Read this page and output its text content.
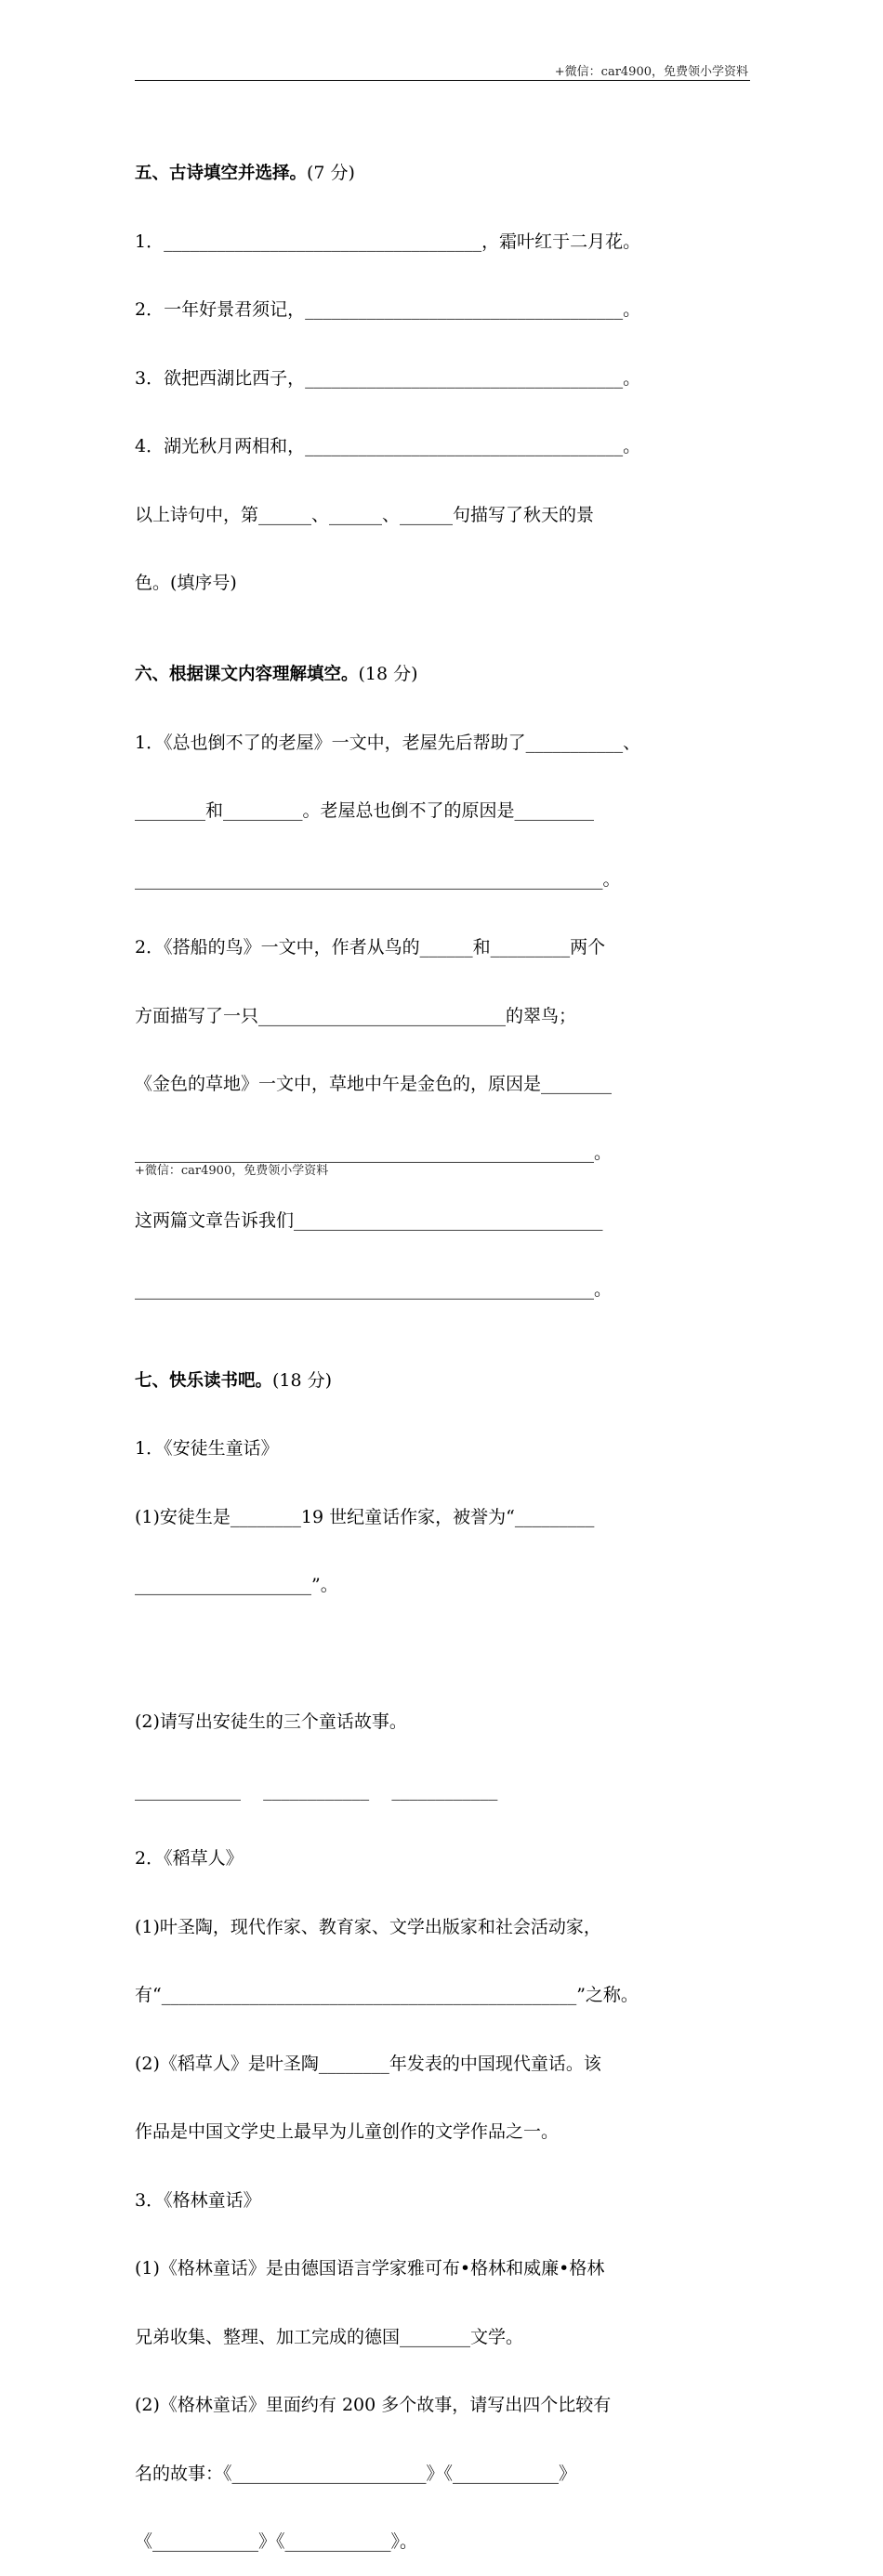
+微信：car4900，免费领小学资料

五、古诗填空并选择。(7 分)

1．____________________________________，霜叶红于二月花。

2．一年好景君须记，____________________________________。

3．欲把西湖比西子，____________________________________。

4．湖光秋月两相和，____________________________________。

以上诗句中，第______、______、______句描写了秋天的景

色。(填序号)

六、根据课文内容理解填空。(18 分)

1．《总也倒不了的老屋》一文中，老屋先后帮助了___________、

________和_________。老屋总也倒不了的原因是_________

_____________________________________________________。

2．《搭船的鸟》一文中，作者从鸟的______和_________两个

方面描写了一只____________________________的翠鸟；

《金色的草地》一文中，草地中午是金色的，原因是________

____________________________________________________。

这两篇文章告诉我们___________________________________

____________________________________________________。

七、快乐读书吧。(18 分)

1．《安徒生童话》

(1)安徒生是________19 世纪童话作家，被誉为“_________

____________________”。

(2)请写出安徒生的三个童话故事。

____________    ____________    ____________

2．《稻草人》

(1)叶圣陶，现代作家、教育家、文学出版家和社会活动家，

有“_______________________________________________”之称。

(2)《稻草人》是叶圣陶________年发表的中国现代童话。该

作品是中国文学史上最早为儿童创作的文学作品之一。

3．《格林童话》

(1)《格林童话》是由德国语言学家雅可布•格林和威廉•格林

兄弟收集、整理、加工完成的德国________文学。

(2)《格林童话》里面约有 200 多个故事，请写出四个比较有

名的故事：《______________________》《____________》

《____________》《____________》。

+微信：car4900，免费领小学资料
